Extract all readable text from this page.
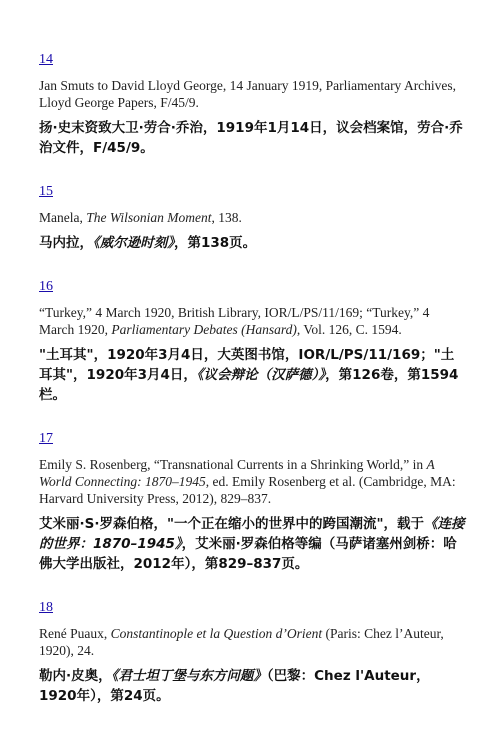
14

Jan Smuts to David Lloyd George, 14 January 1919, Parliamentary Archives, Lloyd George Papers, F/45/9.

扬·史末资致大卫·劳合·乔治，1919年1月14日，议会档案馆，劳合·乔治文件，F/45/9。

15

Manela, The Wilsonian Moment, 138.

马内拉，《威尔逊时刻》，第138页。

16

“Turkey,” 4 March 1920, British Library, IOR/L/PS/11/169; “Turkey,” 4 March 1920, Parliamentary Debates (Hansard), Vol. 126, C. 1594.

"土耳其"，1920年3月4日，大英图书馆，IOR/L/PS/11/169；"土耳其"，1920年3月4日，《议会辩论（汉萨德）》，第126卷，第1594栏。

17

Emily S. Rosenberg, “Transnational Currents in a Shrinking World,” in A World Connecting: 1870–1945, ed. Emily Rosenberg et al. (Cambridge, MA: Harvard University Press, 2012), 829–837.

艾米丽·S·罗森伯格，"一个正在缩小的世界中的跨国潮流"，载于《连接的世界：1870–1945》，艾米丽·罗森伯格等编（马萨诸塞州剑桥：哈佛大学出版社，2012年），第829–837页。

18

René Puaux, Constantinople et la Question d’Orient (Paris: Chez l’Auteur, 1920), 24.

勒内·皮奥，《君士坦丁堡与东方问题》（巴黎：Chez l'Auteur，1920年），第24页。
